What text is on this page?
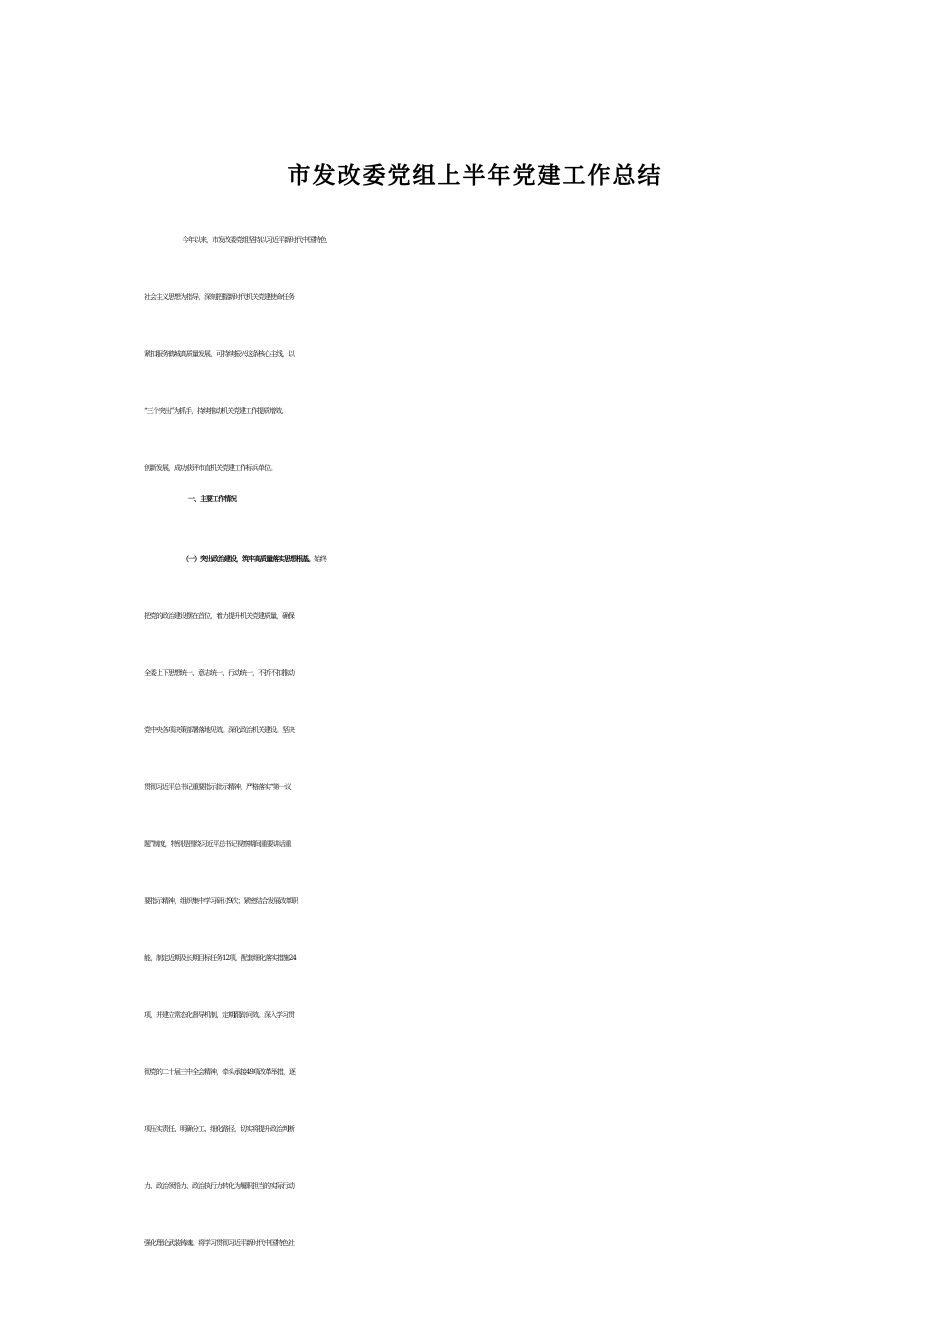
市发改委党组上半年党建工作总结
今年以来，市发改委党组坚持以习近平新时代中国特色
社会主义思想为指导，深刻把握新时代机关党建使命任务
紧扣服务鹤城高质量发展、可持续振兴这条核心主线，以
“三个突出”为抓手，持续推动机关党建工作提质增效、
创新发展，成功获评市直机关党建工作标兵单位。
一、主要工作情况
（一）突出政治建设，筑牢高质量落实思想根基。始终
把党的政治建设摆在首位，着力提升机关党建质量，确保
全委上下思想统一、意志统一、行动统一，不折不扣推动
党中央各项决策部署落地见效。深化政治机关建设。坚决
贯彻习近平总书记重要指示批示精神，严格落实“第一议
题”制度，特别是围绕习近平总书记视察期间重要讲话重
要指示精神，组织集中学习研讨9次；紧密结合发展改革职
能，制定近期及长期目标任务12项，配套细化落实措施24
项，并建立常态化督导机制，定期跟踪问效。深入学习贯
彻党的二十届三中全会精神，牵头承接49项改革举措，逐
项压实责任、明确分工、细化路径，切实将提升政治判断
力、政治领悟力、政治执行力转化为履职担当的实际行动
强化理论武装铸魂。将学习贯彻习近平新时代中国特色社
